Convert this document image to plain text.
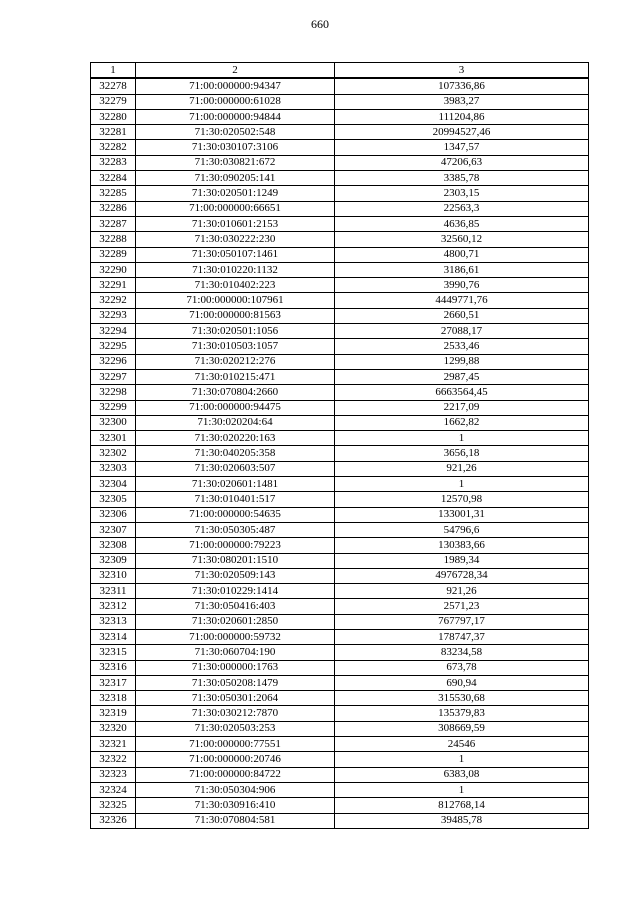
660
1	2	3
32278	71:00:000000:94347	107336,86
32279	71:00:000000:61028	3983,27
32280	71:00:000000:94844	111204,86
32281	71:30:020502:548	20994527,46
32282	71:30:030107:3106	1347,57
32283	71:30:030821:672	47206,63
32284	71:30:090205:141	3385,78
32285	71:30:020501:1249	2303,15
32286	71:00:000000:66651	22563,3
32287	71:30:010601:2153	4636,85
32288	71:30:030222:230	32560,12
32289	71:30:050107:1461	4800,71
32290	71:30:010220:1132	3186,61
32291	71:30:010402:223	3990,76
32292	71:00:000000:107961	4449771,76
32293	71:00:000000:81563	2660,51
32294	71:30:020501:1056	27088,17
32295	71:30:010503:1057	2533,46
32296	71:30:020212:276	1299,88
32297	71:30:010215:471	2987,45
32298	71:30:070804:2660	6663564,45
32299	71:00:000000:94475	2217,09
32300	71:30:020204:64	1662,82
32301	71:30:020220:163	1
32302	71:30:040205:358	3656,18
32303	71:30:020603:507	921,26
32304	71:30:020601:1481	1
32305	71:30:010401:517	12570,98
32306	71:00:000000:54635	133001,31
32307	71:30:050305:487	54796,6
32308	71:00:000000:79223	130383,66
32309	71:30:080201:1510	1989,34
32310	71:30:020509:143	4976728,34
32311	71:30:010229:1414	921,26
32312	71:30:050416:403	2571,23
32313	71:30:020601:2850	767797,17
32314	71:00:000000:59732	178747,37
32315	71:30:060704:190	83234,58
32316	71:30:000000:1763	673,78
32317	71:30:050208:1479	690,94
32318	71:30:050301:2064	315530,68
32319	71:30:030212:7870	135379,83
32320	71:30:020503:253	308669,59
32321	71:00:000000:77551	24546
32322	71:00:000000:20746	1
32323	71:00:000000:84722	6383,08
32324	71:30:050304:906	1
32325	71:30:030916:410	812768,14
32326	71:30:070804:581	39485,78
